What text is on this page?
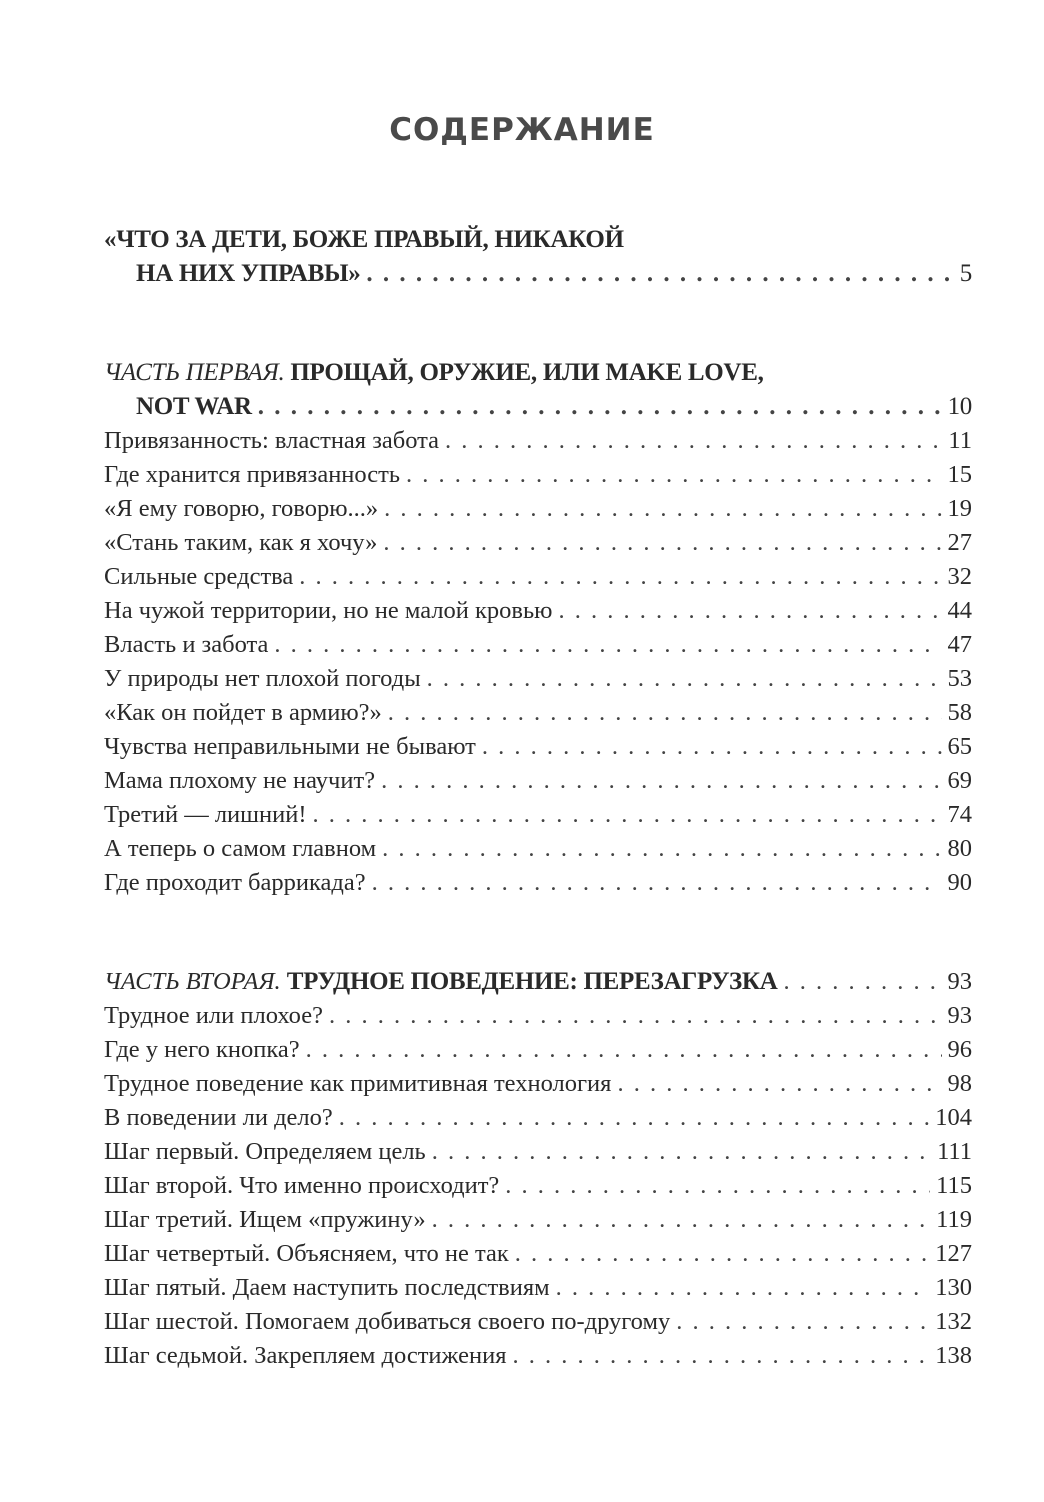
СОДЕРЖАНИЕ
«ЧТО ЗА ДЕТИ, БОЖЕ ПРАВЫЙ, НИКАКОЙ
НА НИХ УПРАВЫ» . . .	5
ЧАСТЬ ПЕРВАЯ.
ПРОЩАЙ, ОРУЖИЕ, ИЛИ MAKE LOVE,
NOT WAR . . .	10
Привязанность: властная забота . . .	11
Где хранится привязанность . . .	15
«Я ему говорю, говорю...» . . .	19
«Стань таким, как я хочу» . . .	27
Сильные средства . . .	32
На чужой территории, но не малой кровью . . .	44
Власть и забота . . .	47
У природы нет плохой погоды . . .	53
«Как он пойдет в армию?» . . .	58
Чувства неправильными не бывают . . .	65
Мама плохому не научит? . . .	69
Третий — лишний! . . .	74
А теперь о самом главном . . .	80
Где проходит баррикада? . . .	90
ЧАСТЬ ВТОРАЯ.
ТРУДНОЕ ПОВЕДЕНИЕ: ПЕРЕЗАГРУЗКА . . .	93
Трудное или плохое? . . .	93
Где у него кнопка? . . .	96
Трудное поведение как примитивная технология . . .	98
В поведении ли дело? . . .	104
Шаг первый. Определяем цель . . .	111
Шаг второй. Что именно происходит? . . .	115
Шаг третий. Ищем «пружину» . . .	119
Шаг четвертый. Объясняем, что не так . . .	127
Шаг пятый. Даем наступить последствиям . . .	130
Шаг шестой. Помогаем добиваться своего по-другому . . .	132
Шаг седьмой. Закрепляем достижения . . .	138
